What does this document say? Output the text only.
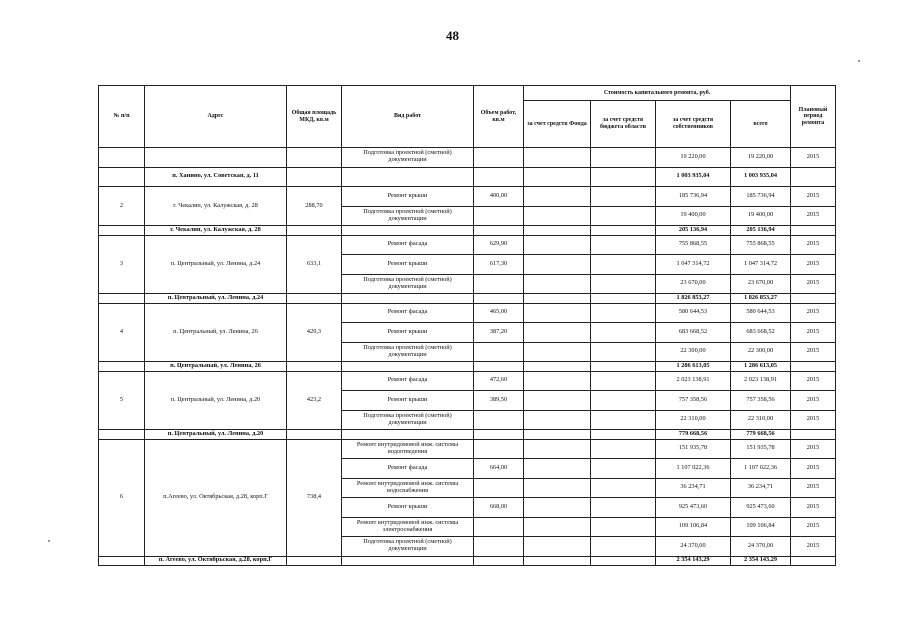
48
№ п/п	Адрес	Общая площадь МКД, кв.м	Вид работ	Объем работ, кв.м	Стоимость капитального ремонта, руб.				Плановый период ремонта
					за счет средств Фонда	за счет средств бюджета области	за счет средств собственников	всего	
			Подготовка проектной (сметной) документации				19 220,00	19 220,00	2015
	п. Ханино, ул. Советская, д. 11						1 003 935,04	1 003 935,04	
2	г. Чекалин, ул. Калужская, д. 28	288,70	Ремонт крыши	400,00			185 736,94	185 736,94	2015
			Подготовка проектной (сметной) документации				19 400,00	19 400,00	2015
	г. Чекалин, ул. Калужская, д. 28						205 136,94	205 136,94	
3	п. Центральный, ул. Ленина, д.24	633,1	Ремонт фасада	629,90			755 868,55	755 868,55	2015
			Ремонт крыши	617,30			1 047 314,72	1 047 314,72	2015
			Подготовка проектной (сметной) документации				23 670,00	23 670,00	2015
	п. Центральный, ул. Ленина, д.24						1 826 853,27	1 826 853,27	
4	п. Центральный, ул. Ленина, 26	420,3	Ремонт фасада	465,00			580 644,53	580 644,53	2015
			Ремонт крыши	387,20			683 668,52	683 668,52	2015
			Подготовка проектной (сметной) документации				22 300,00	22 300,00	2015
	п. Центральный, ул. Ленина, 26						1 286 613,05	1 286 613,05	
5	п. Центральный, ул. Ленина, д.20	423,2	Ремонт фасада	472,60			2 023 138,91	2 023 138,91	2015
			Ремонт крыши	389,50			757 358,56	757 358,56	2015
			Подготовка проектной (сметной) документации				22 310,00	22 310,00	2015
	п. Центральный, ул. Ленина, д.20						779 668,56	779 668,56	
6	п.Агеево, ул. Октябрьская, д.28, корп.Г	738,4	Ремонт внутридомовой инж. системы водоотведения				151 935,78	151 935,78	2015
			Ремонт фасада	664,00			1 107 022,36	1 107 022,36	2015
			Ремонт внутридомовой инж. системы водоснабжения				36 234,71	36 234,71	2015
			Ремонт крыши	668,00			925 473,60	925 473,60	2015
			Ремонт внутридомовой инж. системы электроснабжения				109 106,84	109 106,84	2015
			Подготовка проектной (сметной) документации				24 370,00	24 370,00	2015
	п. Агеево, ул. Октябрьская, д.28, корп.Г						2 354 143,29	2 354 143,29	
